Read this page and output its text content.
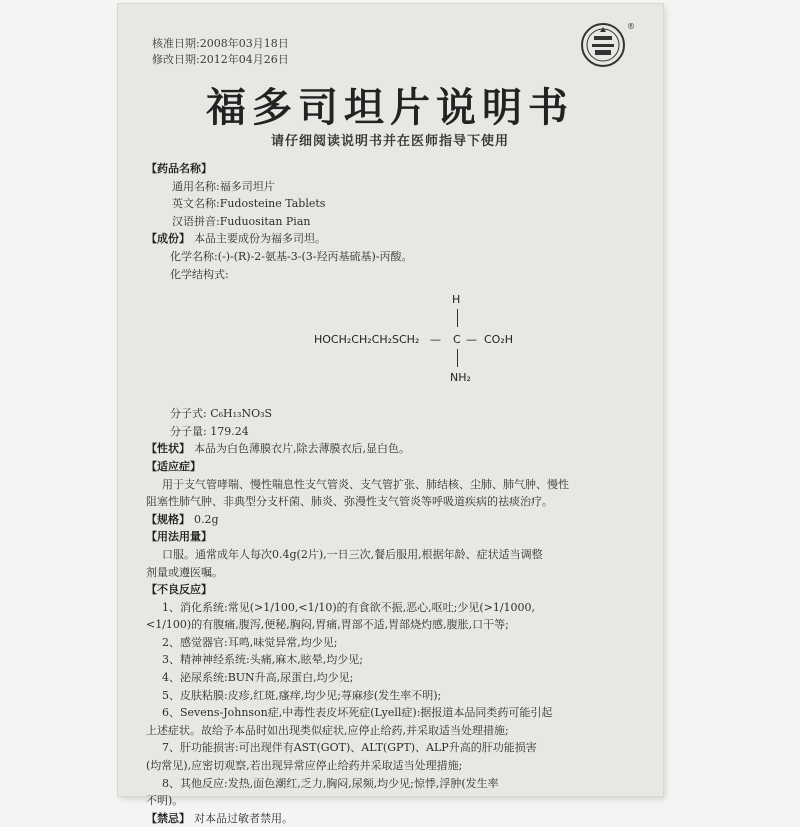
核准日期:2008年03月18日
修改日期:2012年04月26日
®
福多司坦片说明书
请仔细阅读说明书并在医师指导下使用
【药品名称】
通用名称:福多司坦片
英文名称:Fudosteine Tablets
汉语拼音:Fuduositan Pian
【成份】 本品主要成份为福多司坦。
化学名称:(-)-(R)-2-氨基-3-(3-羟丙基硫基)-丙酸。
化学结构式:
H
HOCH₂CH₂CH₂SCH₂ — C — CO₂H
NH₂
分子式: C₆H₁₃NO₃S
分子量: 179.24
【性状】 本品为白色薄膜衣片,除去薄膜衣后,显白色。
【适应症】
用于支气管哮喘、慢性喘息性支气管炎、支气管扩张、肺结核、尘肺、肺气肿、慢性
阻塞性肺气肿、非典型分支杆菌、肺炎、弥漫性支气管炎等呼吸道疾病的祛痰治疗。
【规格】 0.2g
【用法用量】
口服。通常成年人每次0.4g(2片),一日三次,餐后服用,根据年龄、症状适当调整
剂量或遵医嘱。
【不良反应】
1、消化系统:常见(>1/100,<1/10)的有食欲不振,恶心,呕吐;少见(>1/1000,
<1/100)的有腹痛,腹泻,便秘,胸闷,胃痛,胃部不适,胃部烧灼感,腹胀,口干等;
2、感觉器官:耳鸣,味觉异常,均少见;
3、精神神经系统:头痛,麻木,眩晕,均少见;
4、泌尿系统:BUN升高,尿蛋白,均少见;
5、皮肤粘膜:皮疹,红斑,瘙痒,均少见;荨麻疹(发生率不明);
6、Sevens-Johnson症,中毒性表皮坏死症(Lyell症):据报道本品同类药可能引起
上述症状。故给予本品时如出现类似症状,应停止给药,并采取适当处理措施;
7、肝功能损害:可出现伴有AST(GOT)、ALT(GPT)、ALP升高的肝功能损害
(均常见),应密切观察,若出现异常应停止给药并采取适当处理措施;
8、其他反应:发热,面色潮红,乏力,胸闷,尿频,均少见;惊悸,浮肿(发生率
不明)。
【禁忌】 对本品过敏者禁用。
